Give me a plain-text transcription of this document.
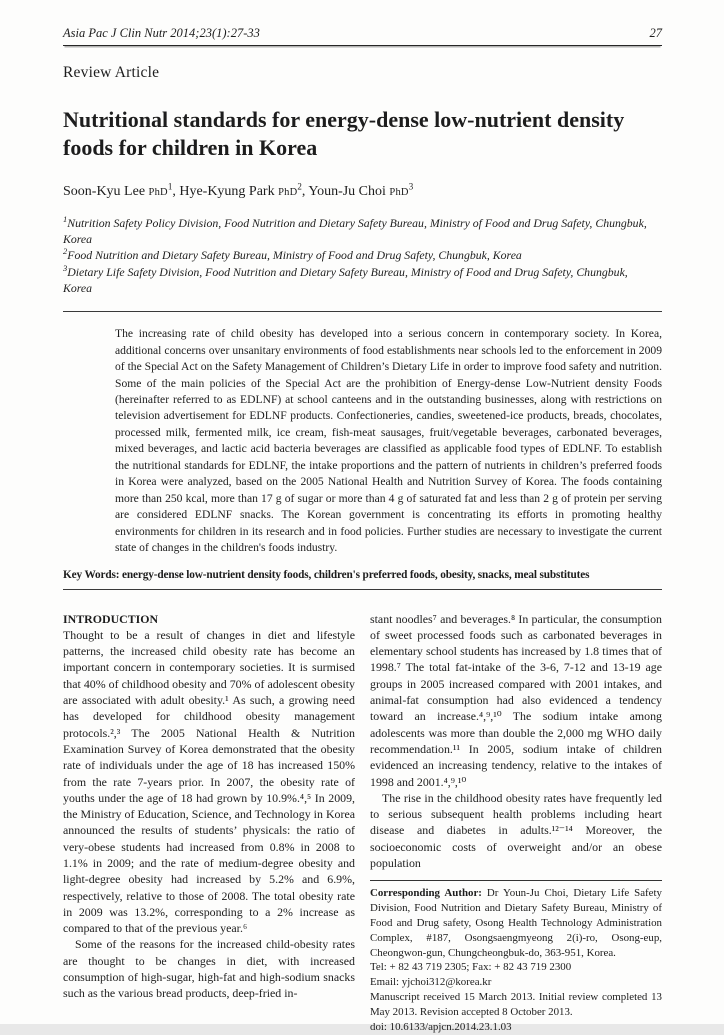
Asia Pac J Clin Nutr 2014;23(1):27-33	27
Review Article
Nutritional standards for energy-dense low-nutrient density foods for children in Korea
Soon-Kyu Lee PhD$^1$, Hye-Kyung Park PhD$^2$, Youn-Ju Choi PhD$^3$
$^1$Nutrition Safety Policy Division, Food Nutrition and Dietary Safety Bureau, Ministry of Food and Drug Safety, Chungbuk, Korea
$^2$Food Nutrition and Dietary Safety Bureau, Ministry of Food and Drug Safety, Chungbuk, Korea
$^3$Dietary Life Safety Division, Food Nutrition and Dietary Safety Bureau, Ministry of Food and Drug Safety, Chungbuk, Korea
The increasing rate of child obesity has developed into a serious concern in contemporary society. In Korea, additional concerns over unsanitary environments of food establishments near schools led to the enforcement in 2009 of the Special Act on the Safety Management of Children’s Dietary Life in order to improve food safety and nutrition. Some of the main policies of the Special Act are the prohibition of Energy-dense Low-Nutrient density Foods (hereinafter referred to as EDLNF) at school canteens and in the outstanding businesses, along with restrictions on television advertisement for EDLNF products. Confectioneries, candies, sweetened-ice products, breads, chocolates, processed milk, fermented milk, ice cream, fish-meat sausages, fruit/vegetable beverages, carbonated beverages, mixed beverages, and lactic acid bacteria beverages are classified as applicable food types of EDLNF. To establish the nutritional standards for EDLNF, the intake proportions and the pattern of nutrients in children’s preferred foods in Korea were analyzed, based on the 2005 National Health and Nutrition Survey of Korea. The foods containing more than 250 kcal, more than 17 g of sugar or more than 4 g of saturated fat and less than 2 g of protein per serving are considered EDLNF snacks. The Korean government is concentrating its efforts in promoting healthy environments for children in its research and in food policies. Further studies are necessary to investigate the current state of changes in the children's foods industry.
Key Words: energy-dense low-nutrient density foods, children's preferred foods, obesity, snacks, meal substitutes
INTRODUCTION

Thought to be a result of changes in diet and lifestyle patterns, the increased child obesity rate has become an important concern in contemporary societies. It is surmised that 40% of childhood obesity and 70% of adolescent obesity are associated with adult obesity.¹ As such, a growing need has developed for childhood obesity management protocols.²,³ The 2005 National Health & Nutrition Examination Survey of Korea demonstrated that the obesity rate of individuals under the age of 18 has increased 150% from the rate 7-years prior. In 2007, the obesity rate of youths under the age of 18 had grown by 10.9%.⁴,⁵ In 2009, the Ministry of Education, Science, and Technology in Korea announced the results of students’ physicals: the ratio of very-obese students had increased from 0.8% in 2008 to 1.1% in 2009; and the rate of medium-degree obesity and light-degree obesity had increased by 5.2% and 6.9%, respectively, relative to those of 2008. The total obesity rate in 2009 was 13.2%, corresponding to a 2% increase as compared to that of the previous year.⁶

Some of the reasons for the increased child-obesity rates are thought to be changes in diet, with increased consumption of high-sugar, high-fat and high-sodium snacks such as the various bread products, deep-fried in-

stant noodles⁷ and beverages.⁸ In particular, the consumption of sweet processed foods such as carbonated beverages in elementary school students has increased by 1.8 times that of 1998.⁷ The total fat-intake of the 3-6, 7-12 and 13-19 age groups in 2005 increased compared with 2001 intakes, and animal-fat consumption had also evidenced a tendency toward an increase.⁴,⁹,¹⁰ The sodium intake among adolescents was more than double the 2,000 mg WHO daily recommendation.¹¹ In 2005, sodium intake of children evidenced an increasing tendency, relative to the intakes of 1998 and 2001.⁴,⁹,¹⁰

The rise in the childhood obesity rates have frequently led to serious subsequent health problems including heart disease and diabetes in adults.¹²⁻¹⁴ Moreover, the socioeconomic costs of overweight and/or an obese population

Corresponding Author: Dr Youn-Ju Choi, Dietary Life Safety Division, Food Nutrition and Dietary Safety Bureau, Ministry of Food and Drug safety, Osong Health Technology Administration Complex, #187, Osongsaengmyeong 2(i)-ro, Osong-eup, Cheongwon-gun, Chungcheongbuk-do, 363-951, Korea.
Tel: + 82 43 719 2305; Fax: + 82 43 719 2300
Email: yjchoi312@korea.kr
Manuscript received 15 March 2013. Initial review completed 13 May 2013. Revision accepted 8 October 2013.
doi: 10.6133/apjcn.2014.23.1.03
